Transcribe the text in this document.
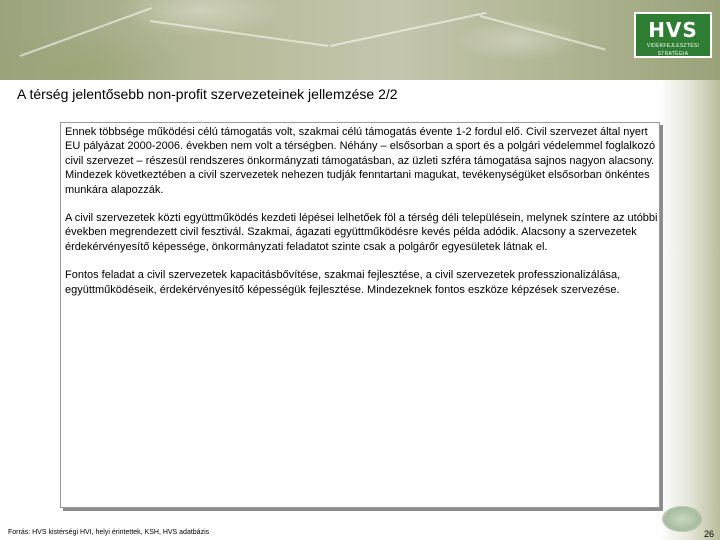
HVS
VIDÉKFEJLESZTÉSI STRATÉGIA
A térség jelentősebb non-profit szervezeteinek jellemzése 2/2

Ennek többsége működési célú támogatás volt, szakmai célú támogatás évente 1-2 fordul elő. Civil szervezet által nyert EU pályázat 2000-2006. években nem volt a térségben. Néhány – elsősorban a sport és a polgári védelemmel foglalkozó civil szervezet – részesül rendszeres önkormányzati támogatásban, az üzleti szféra támogatása sajnos nagyon alacsony. Mindezek következtében a civil szervezetek nehezen tudják fenntartani magukat, tevékenységüket elsősorban önkéntes munkára alapozzák.

A civil szervezetek közti együttműködés kezdeti lépései lelhetőek föl a térség déli településein, melynek színtere az utóbbi években megrendezett civil fesztivál. Szakmai, ágazati együttműködésre kevés példa adódik. Alacsony a szervezetek érdekérvényesítő képessége, önkormányzati feladatot szinte csak a polgárőr egyesületek látnak el.

Fontos feladat a civil szervezetek kapacitásbővítése, szakmai fejlesztése, a civil szervezetek professzionalizálása, együttműködéseik, érdekérvényesítő képességük fejlesztése. Mindezeknek fontos eszköze képzések szervezése.

Forrás: HVS kistérségi HVI, helyi érintettek, KSH, HVS adatbázis	26
